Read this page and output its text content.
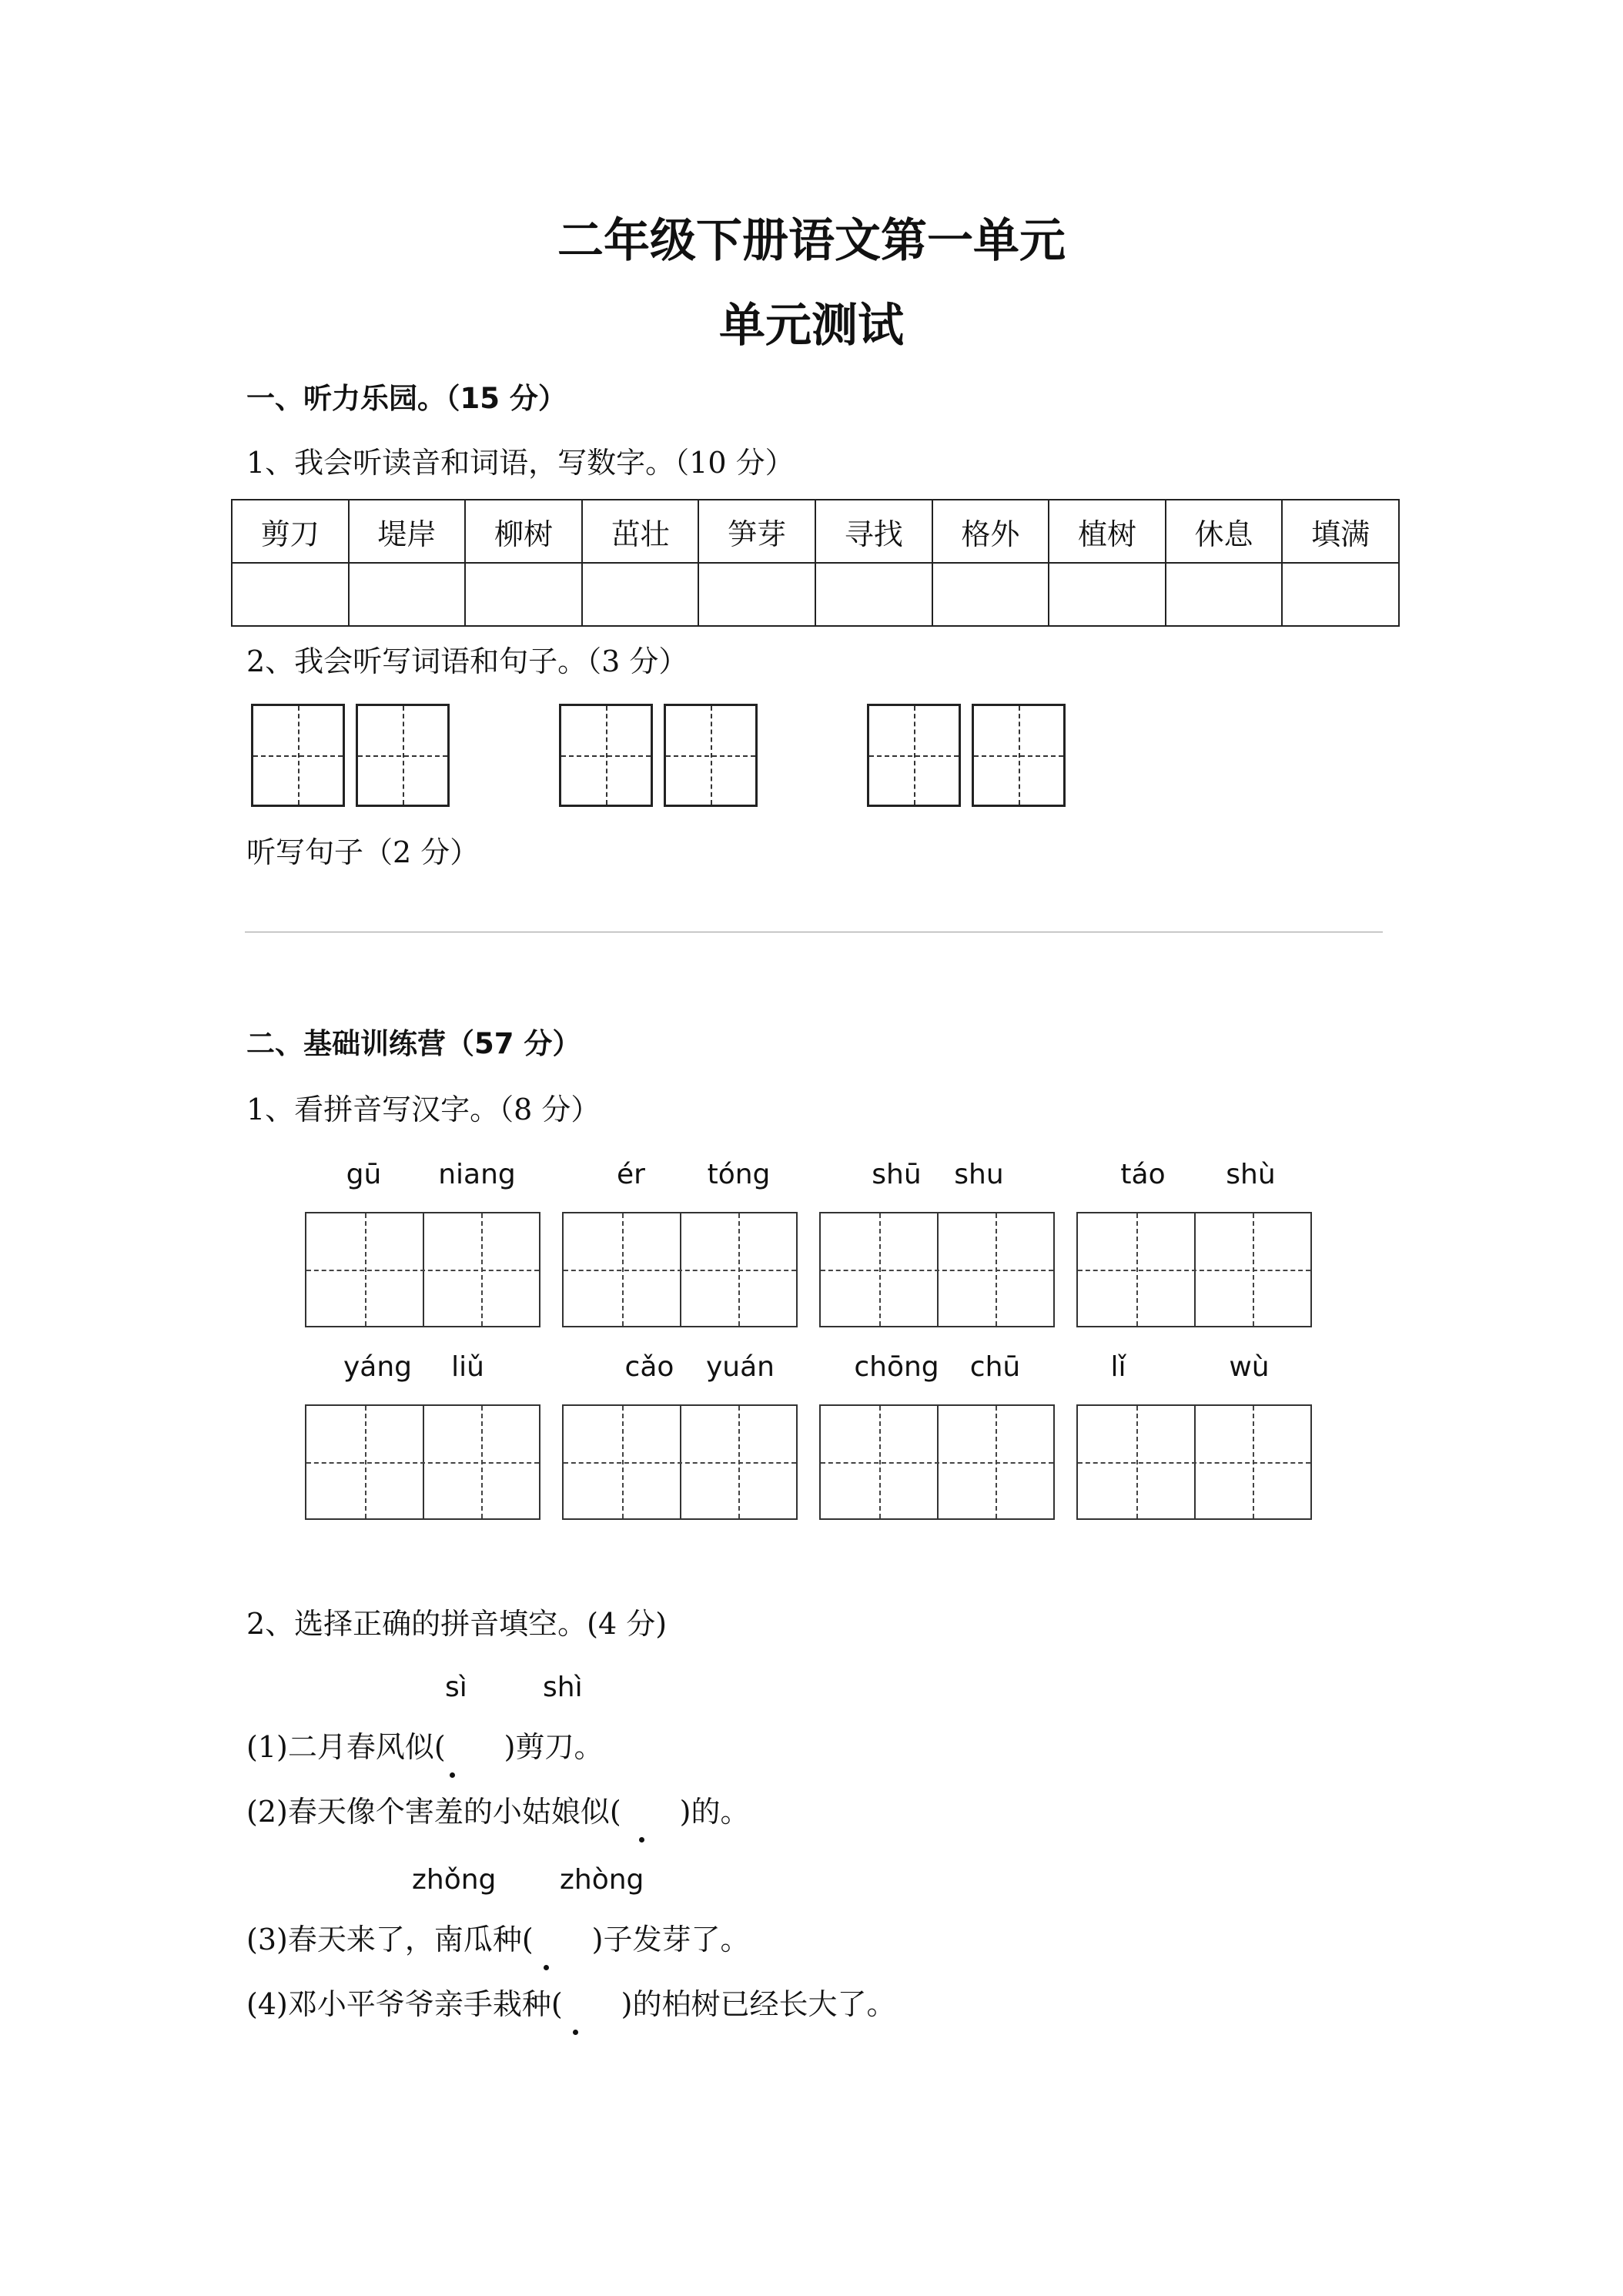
二年级下册语文第一单元
单元测试
一、听力乐园。（15 分）
1、我会听读音和词语，写数字。（10 分）
剪刀	堤岸	柳树	茁壮	笋芽	寻找	格外	植树	休息	填满

2、我会听写词语和句子。（3 分）
听写句子（2 分）
二、基础训练营（57 分）
1、看拼音写汉字。（8 分）
gū	niang	ér	tóng	shū	shu	táo	shù
yáng	liǔ	cǎo	yuán	chōng	chū	lǐ	wù
2、选择正确的拼音填空。(4 分)
sì	shì
(1)二月春风似(　　)剪刀。
(2)春天像个害羞的小姑娘似(　　)的。
zhǒng zhòng
(3)春天来了，南瓜种(　　)子发芽了。
(4)邓小平爷爷亲手栽种(　　)的柏树已经长大了。
